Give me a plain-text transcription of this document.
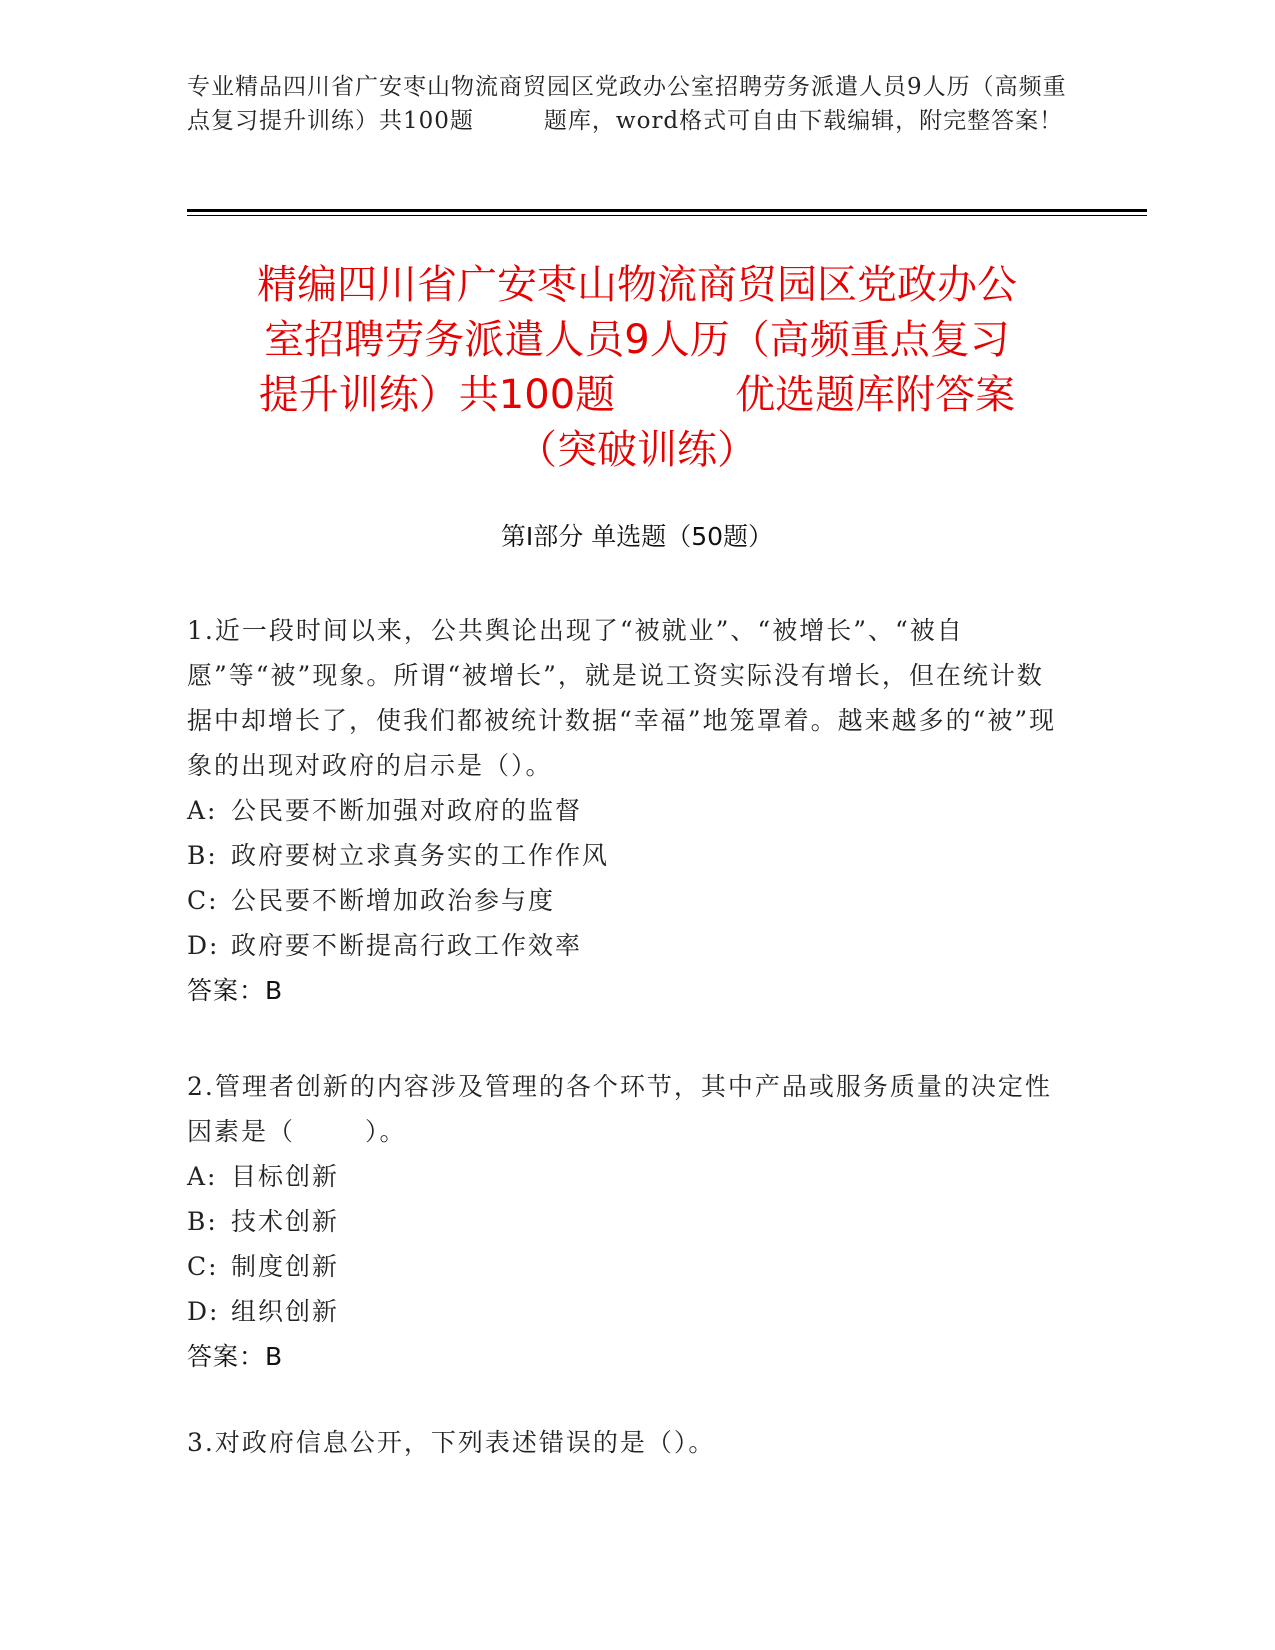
专业精品四川省广安枣山物流商贸园区党政办公室招聘劳务派遣人员9人历（高频重点复习提升训练）共100题	题库，word格式可自由下载编辑，附完整答案！
精编四川省广安枣山物流商贸园区党政办公
室招聘劳务派遣人员9人历（高频重点复习
提升训练）共100题	优选题库附答案
（突破训练）
第I部分 单选题（50题）

1.近一段时间以来，公共舆论出现了“被就业”、“被增长”、“被自愿”等“被”现象。所谓“被增长”，就是说工资实际没有增长，但在统计数据中却增长了，使我们都被统计数据“幸福”地笼罩着。越来越多的“被”现象的出现对政府的启示是（）。

A: 公民要不断加强对政府的监督

B: 政府要树立求真务实的工作作风

C: 公民要不断增加政治参与度

D: 政府要不断提高行政工作效率

答案：B

2.管理者创新的内容涉及管理的各个环节，其中产品或服务质量的决定性因素是（	）。

A: 目标创新

B: 技术创新

C: 制度创新

D: 组织创新

答案：B

3.对政府信息公开，下列表述错误的是（）。
